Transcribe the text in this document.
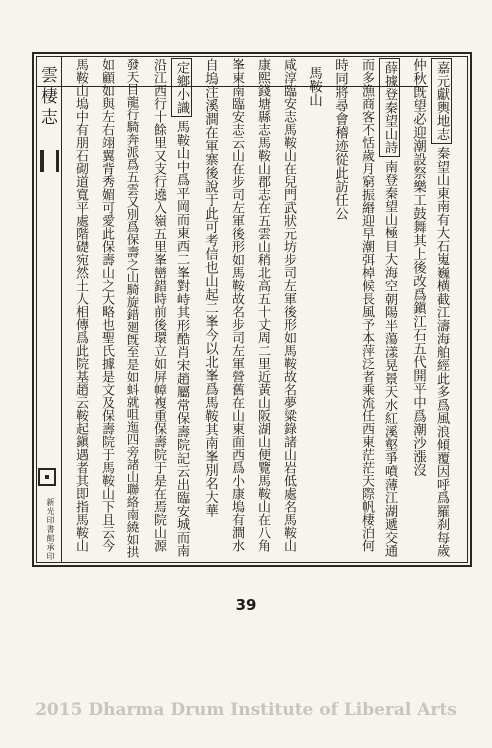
雲棲志
新光印書館承印
嘉元獻輿地志秦望山東南有大石嵬巍横截江濤海舶經此多爲風浪傾覆因呼爲羅刹每歲
仲秋旣望必迎潮設祭樂工鼓舞其上後改爲鎭江石五代開平中爲潮沙漲沒
薛據登秦望山詩南登秦望山極目大海空朝陽半蕩漾晃㬌天水紅溪壑爭噴薄江湖遞交通
而多漁商客不恬歲月窮振緡迎早潮弭棹候長風予本萍泛者乘流任西東茫茫天際帆棲泊何
時同將尋會稽迹從此訪任公
馬鞍山
咸淳臨安志馬鞍山在兒門武狀元坊步司左軍後形如馬鞍故名夢粱錄諸山岩低處名馬鞍山
康熙錢塘縣志馬鞍山郡志在五雲山稍北高五十丈周二里近黃山阪湖山便覽馬鞍山在八角
峯東南臨安志云山在步司左軍後形如馬鞍故名步司左軍營舊在山東面西爲小康塢有澗水
自塢注溪澗在軍寨後說于此可考信也山起二峯今以北峯爲馬鞍其南峯別名大華
定鄉小識馬鞍山中爲平岡而東西二峯對峙其形酷肖宋趙屬常保壽院記云出臨安城而南
沿江西行十餘里又支行遶入嶺五里峯巒錯時前後環立如屏幛複重保壽院于是在焉院山源
發天目龍行騎奔派爲五雲又別爲保壽之山騎旋錯廻旣至是如蚪就咀迤四旁諸山聯絡南繞如拱
如顧如與左右翊翼背秀媚可愛此保壽山之大略也聖氏據是文及保壽院于馬鞍山下且云今
馬鞍山塢中有朋石砌道寬平處階礎宛然土人相傳爲此院基趙云鞍起鎭遇者其即指馬鞍山
39
2015 Dharma Drum Institute of Liberal Arts
